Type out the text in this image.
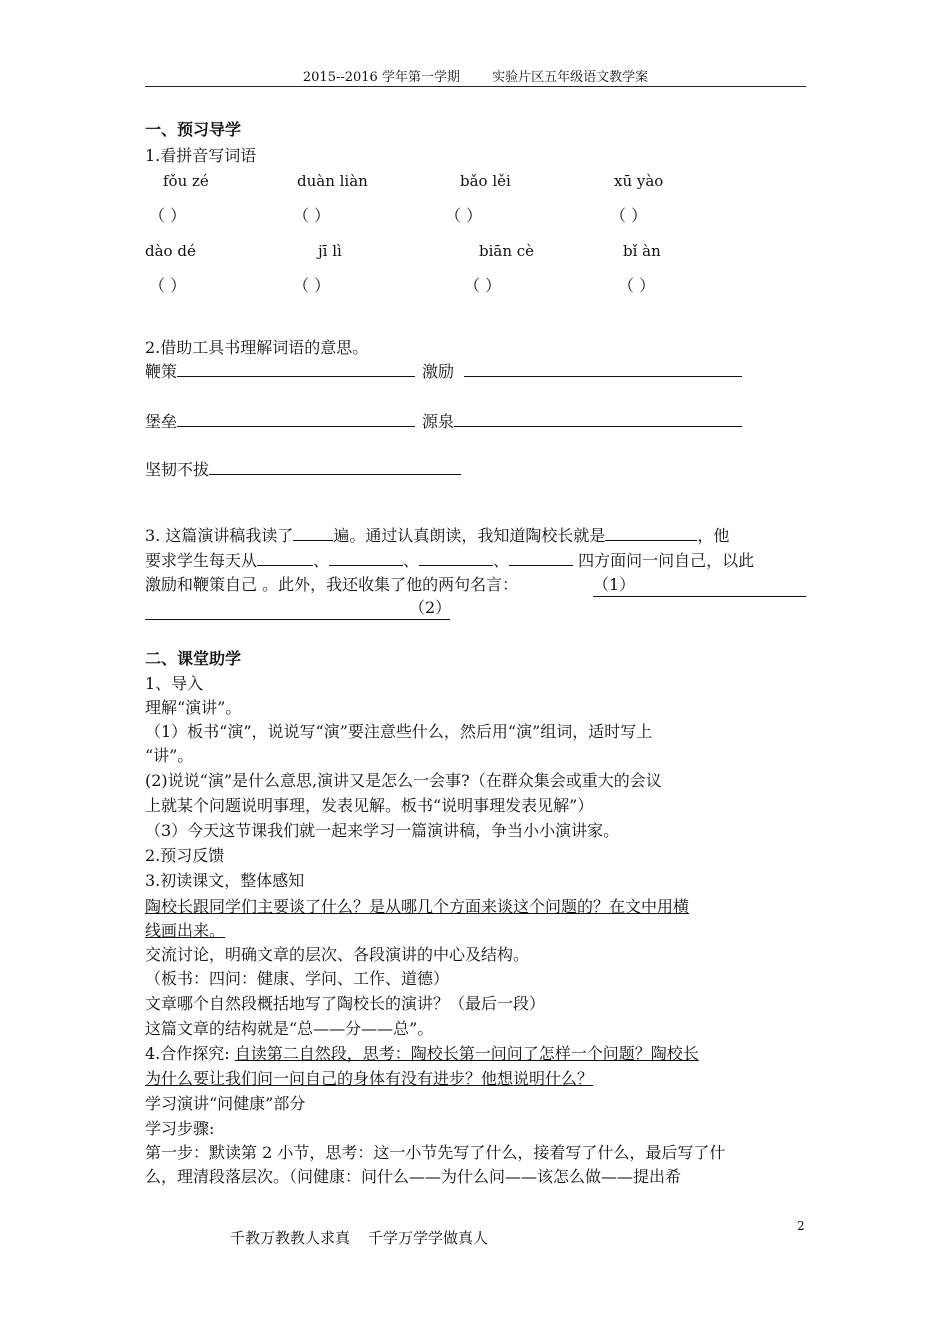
2015--2016 学年第一学期 实验片区五年级语文教学案
一、预习导学
1.看拼音写词语
fǒu zé	duàn liàn	bǎo lěi	xū yào
（ ）	（ ）	（ ）	（ ）
dào dé	jī lì	biān cè	bǐ àn
（ ）	（ ）	（ ）	（ ）
2.借助工具书理解词语的意思。
鞭策	激励
堡垒	源泉
坚韧不拔
3. 这篇演讲稿我读了	遍。通过认真朗读，我知道陶校长就是	，他
要求学生每天从	、	、	、	四方面问一问自己，以此
激励和鞭策自己 。此外，我还收集了他的两句名言：	（1）
（2）
二、课堂助学
1、导入
理解“演讲”。
（1）板书“演”，说说写“演”要注意些什么，然后用“演”组词，适时写上
“讲”。
(2)说说“演”是什么意思,演讲又是怎么一会事?（在群众集会或重大的会议
上就某个问题说明事理，发表见解。板书“说明事理发表见解”）
（3）今天这节课我们就一起来学习一篇演讲稿，争当小小演讲家。
2.预习反馈
3.初读课文，整体感知
陶校长跟同学们主要谈了什么？是从哪几个方面来谈这个问题的？在文中用横
线画出来。
交流讨论，明确文章的层次、各段演讲的中心及结构。
（板书：四问：健康、学问、工作、道德）
文章哪个自然段概括地写了陶校长的演讲？（最后一段）
这篇文章的结构就是“总——分——总”。
4.合作探究: 自读第二自然段，思考：陶校长第一问问了怎样一个问题？陶校长
为什么要让我们问一问自己的身体有没有进步？他想说明什么？
学习演讲“问健康”部分
学习步骤:
第一步：默读第 2 小节，思考：这一小节先写了什么，接着写了什么，最后写了什
么，理清段落层次。（问健康：问什么——为什么问——该怎么做——提出希
千教万教教人求真 千学万学学做真人
2
